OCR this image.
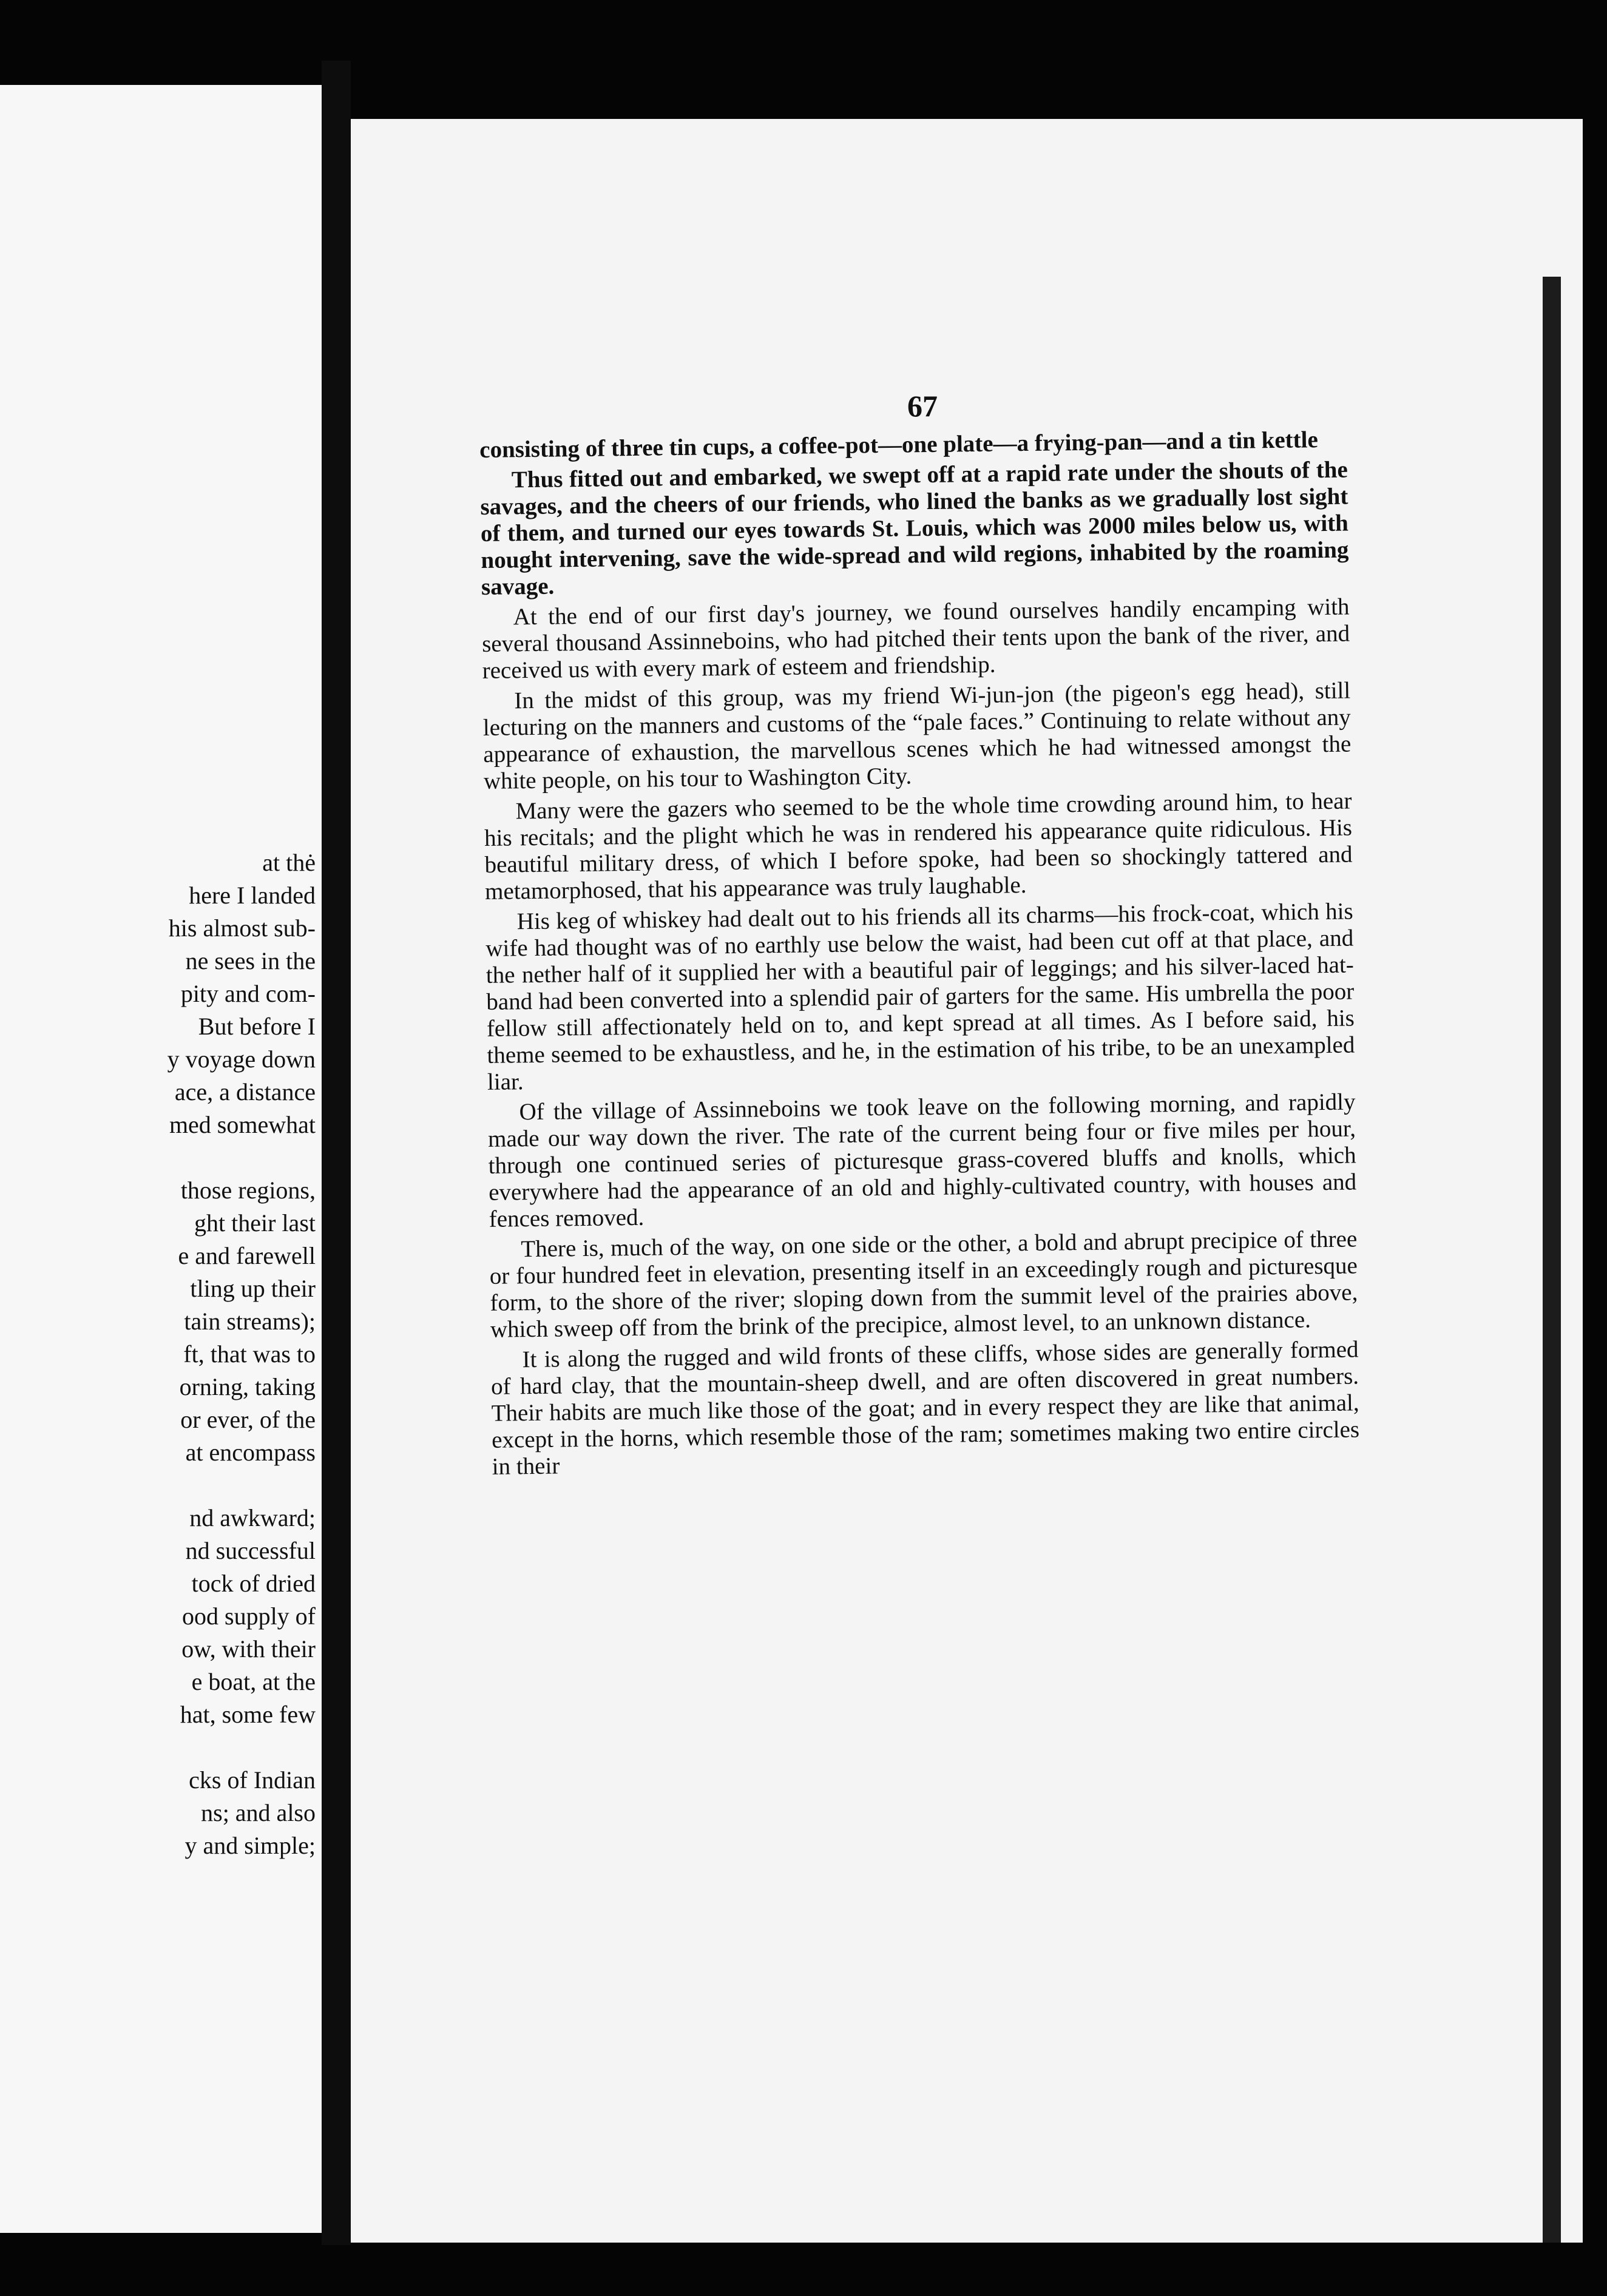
at thė
here I landed
his almost sub-
ne sees in the
pity and com-
But before I
y voyage down
ace, a distance
med somewhat
those regions,
ght their last
e and farewell
tling up their
tain streams);
ft, that was to
orning, taking
or ever, of the
at encompass
nd awkward;
nd successful
tock of dried
ood supply of
ow, with their
e boat, at the
hat, some few
cks of Indian
ns; and also
y and simple;
67

consisting of three tin cups, a coffee-pot—one plate—a frying-pan—and a tin kettle

Thus fitted out and embarked, we swept off at a rapid rate under the shouts of the savages, and the cheers of our friends, who lined the banks as we gradually lost sight of them, and turned our eyes towards St. Louis, which was 2000 miles below us, with nought intervening, save the wide-spread and wild regions, inhabited by the roaming savage.

At the end of our first day's journey, we found ourselves handily encamping with several thousand Assinneboins, who had pitched their tents upon the bank of the river, and received us with every mark of esteem and friendship.

In the midst of this group, was my friend Wi-jun-jon (the pigeon's egg head), still lecturing on the manners and customs of the “pale faces.” Continuing to relate without any appearance of exhaustion, the marvellous scenes which he had witnessed amongst the white people, on his tour to Washington City.

Many were the gazers who seemed to be the whole time crowding around him, to hear his recitals; and the plight which he was in rendered his appearance quite ridiculous. His beautiful military dress, of which I before spoke, had been so shockingly tattered and metamorphosed, that his appearance was truly laughable.

His keg of whiskey had dealt out to his friends all its charms—his frock-coat, which his wife had thought was of no earthly use below the waist, had been cut off at that place, and the nether half of it supplied her with a beautiful pair of leggings; and his silver-laced hat-band had been converted into a splendid pair of garters for the same. His umbrella the poor fellow still affectionately held on to, and kept spread at all times. As I before said, his theme seemed to be exhaustless, and he, in the estimation of his tribe, to be an unexampled liar.

Of the village of Assinneboins we took leave on the following morning, and rapidly made our way down the river. The rate of the current being four or five miles per hour, through one continued series of picturesque grass-covered bluffs and knolls, which everywhere had the appearance of an old and highly-cultivated country, with houses and fences removed.

There is, much of the way, on one side or the other, a bold and abrupt precipice of three or four hundred feet in elevation, presenting itself in an exceedingly rough and picturesque form, to the shore of the river; sloping down from the summit level of the prairies above, which sweep off from the brink of the precipice, almost level, to an unknown distance.

It is along the rugged and wild fronts of these cliffs, whose sides are generally formed of hard clay, that the mountain-sheep dwell, and are often discovered in great numbers. Their habits are much like those of the goat; and in every respect they are like that animal, except in the horns, which resemble those of the ram; sometimes making two entire circles in their
